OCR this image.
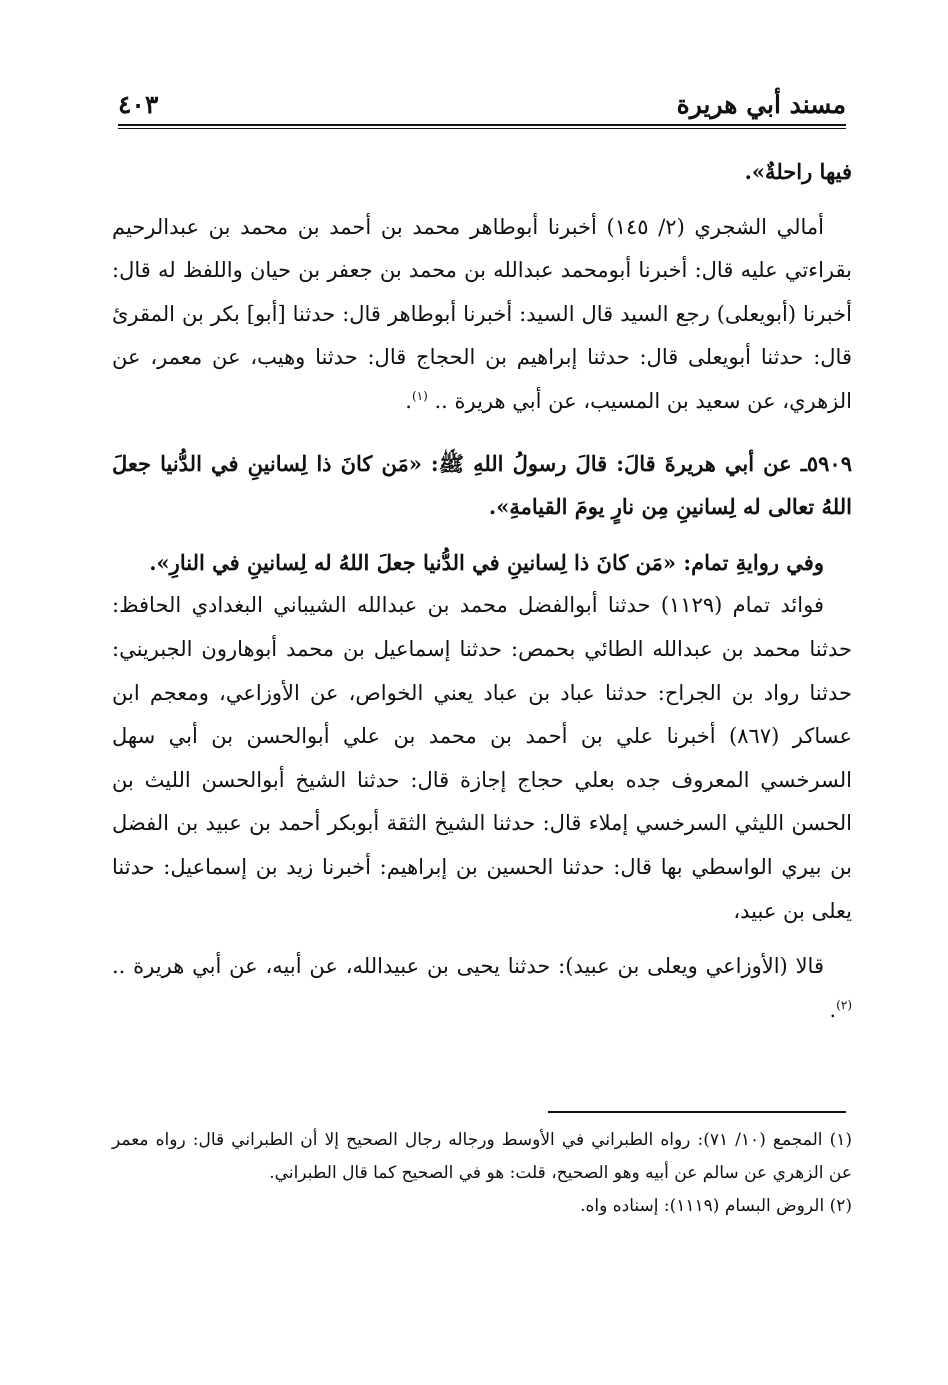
مسند أبي هريرة
٤٠٣

فيها راحلةٌ».

أمالي الشجري (٢/ ١٤٥) أخبرنا أبوطاهر محمد بن أحمد بن محمد بن عبدالرحيم بقراءتي عليه قال: أخبرنا أبومحمد عبدالله بن محمد بن جعفر بن حيان واللفظ له قال: أخبرنا (أبويعلى) رجع السيد قال السيد: أخبرنا أبوطاهر قال: حدثنا [أبو] بكر بن المقرئ قال: حدثنا أبويعلى قال: حدثنا إبراهيم بن الحجاج قال: حدثنا وهيب، عن معمر، عن الزهري، عن سعيد بن المسيب، عن أبي هريرة .. $^{(١)}$.

٥٩٠٩ـ عن أبي هريرةَ قالَ: قالَ رسولُ اللهِ ﷺ: «مَن كانَ ذا لِسانينِ في الدُّنيا جعلَ اللهُ تعالى له لِسانينِ مِن نارٍ يومَ القيامةِ».

وفي روايةِ تمام: «مَن كانَ ذا لِسانينِ في الدُّنيا جعلَ اللهُ له لِسانينِ في النارِ».

فوائد تمام (١١٢٩) حدثنا أبوالفضل محمد بن عبدالله الشيباني البغدادي الحافظ: حدثنا محمد بن عبدالله الطائي بحمص: حدثنا إسماعيل بن محمد أبوهارون الجبريني: حدثنا رواد بن الجراح: حدثنا عباد بن عباد يعني الخواص، عن الأوزاعي، ومعجم ابن عساكر (٨٦٧) أخبرنا علي بن أحمد بن محمد بن علي أبوالحسن بن أبي سهل السرخسي المعروف جده بعلي حجاج إجازة قال: حدثنا الشيخ أبوالحسن الليث بن الحسن الليثي السرخسي إملاء قال: حدثنا الشيخ الثقة أبوبكر أحمد بن عبيد بن الفضل بن بيري الواسطي بها قال: حدثنا الحسين بن إبراهيم: أخبرنا زيد بن إسماعيل: حدثنا يعلى بن عبيد،

قالا (الأوزاعي ويعلى بن عبيد): حدثنا يحيى بن عبيدالله، عن أبيه، عن أبي هريرة .. $^{(٢)}$.

(١) المجمع (١٠/ ٧١): رواه الطبراني في الأوسط ورجاله رجال الصحيح إلا أن الطبراني قال: رواه معمر عن الزهري عن سالم عن أبيه وهو الصحيح، قلت: هو في الصحيح كما قال الطبراني.

(٢) الروض البسام (١١١٩): إسناده واه.
